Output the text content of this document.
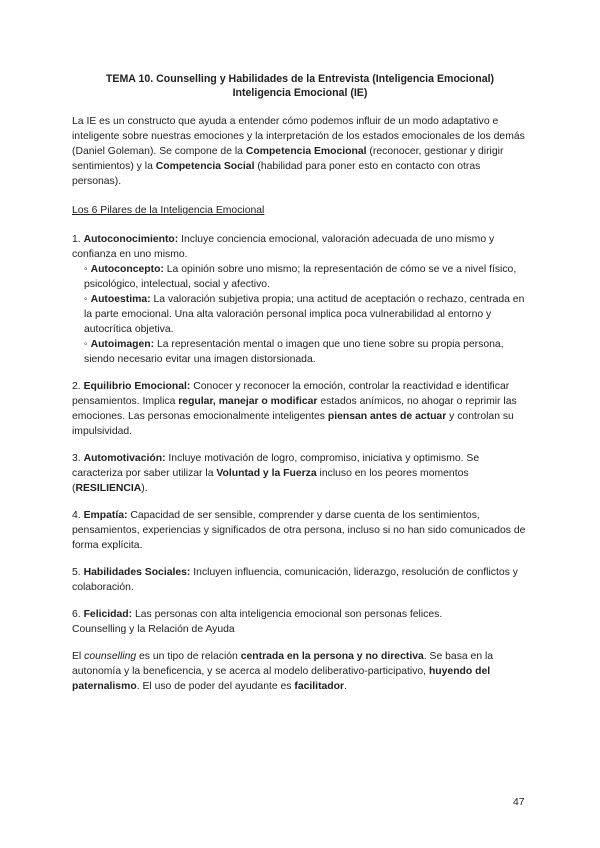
TEMA 10. Counselling y Habilidades de la Entrevista (Inteligencia Emocional)

Inteligencia Emocional (IE)

La IE es un constructo que ayuda a entender cómo podemos influir de un modo adaptativo e inteligente sobre nuestras emociones y la interpretación de los estados emocionales de los demás (Daniel Goleman). Se compone de la Competencia Emocional (reconocer, gestionar y dirigir sentimientos) y la Competencia Social (habilidad para poner esto en contacto con otras personas).

Los 6 Pilares de la Inteligencia Emocional

1. Autoconocimiento: Incluye conciencia emocional, valoración adecuada de uno mismo y confianza en uno mismo.

◦ Autoconcepto: La opinión sobre uno mismo; la representación de cómo se ve a nivel físico, psicológico, intelectual, social y afectivo.

◦ Autoestima: La valoración subjetiva propia; una actitud de aceptación o rechazo, centrada en la parte emocional. Una alta valoración personal implica poca vulnerabilidad al entorno y autocrítica objetiva.

◦ Autoimagen: La representación mental o imagen que uno tiene sobre su propia persona, siendo necesario evitar una imagen distorsionada.

2. Equilibrio Emocional: Conocer y reconocer la emoción, controlar la reactividad e identificar pensamientos. Implica regular, manejar o modificar estados anímicos, no ahogar o reprimir las emociones. Las personas emocionalmente inteligentes piensan antes de actuar y controlan su impulsividad.

3. Automotivación: Incluye motivación de logro, compromiso, iniciativa y optimismo. Se caracteriza por saber utilizar la Voluntad y la Fuerza incluso en los peores momentos (RESILIENCIA).

4. Empatía: Capacidad de ser sensible, comprender y darse cuenta de los sentimientos, pensamientos, experiencias y significados de otra persona, incluso si no han sido comunicados de forma explícita.

5. Habilidades Sociales: Incluyen influencia, comunicación, liderazgo, resolución de conflictos y colaboración.

6. Felicidad: Las personas con alta inteligencia emocional son personas felices.

Counselling y la Relación de Ayuda

El counselling es un tipo de relación centrada en la persona y no directiva. Se basa en la autonomía y la beneficencia, y se acerca al modelo deliberativo-participativo, huyendo del paternalismo. El uso de poder del ayudante es facilitador.

47
